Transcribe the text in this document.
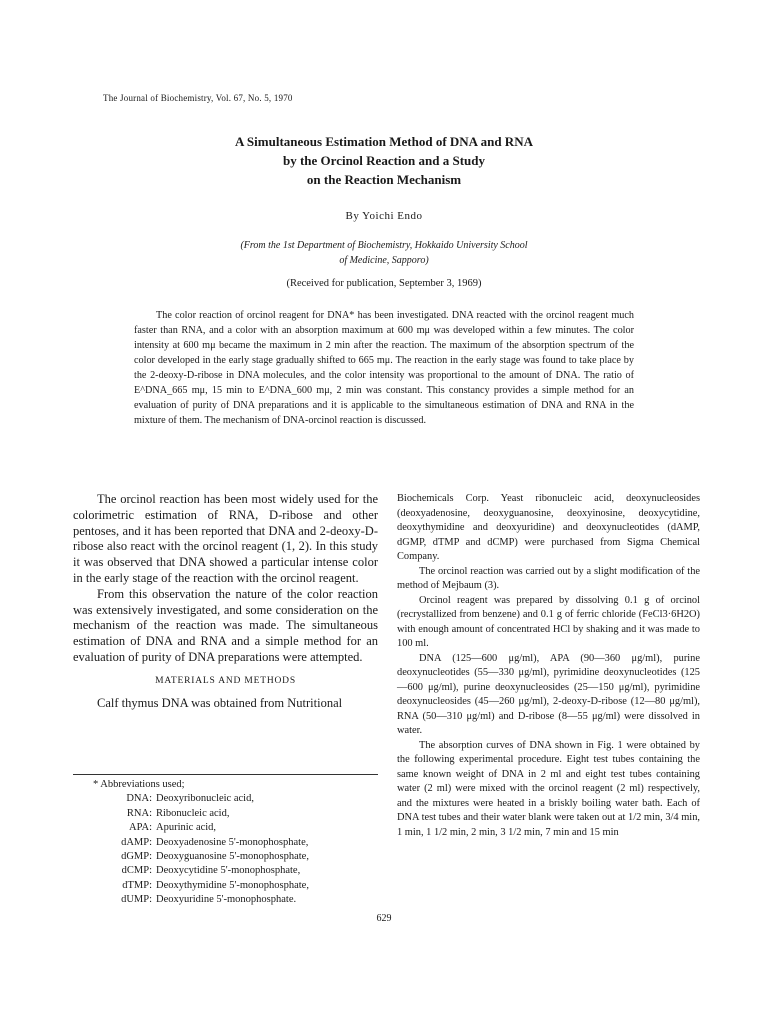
The Journal of Biochemistry, Vol. 67, No. 5, 1970
A Simultaneous Estimation Method of DNA and RNA
by the Orcinol Reaction and a Study
on the Reaction Mechanism
By Yoichi Endo
(From the 1st Department of Biochemistry, Hokkaido University School
of Medicine, Sapporo)
(Received for publication, September 3, 1969)

The color reaction of orcinol reagent for DNA* has been investigated. DNA reacted with the orcinol reagent much faster than RNA, and a color with an absorption maximum at 600 mμ was developed within a few minutes. The color intensity at 600 mμ became the maximum in 2 min after the reaction. The maximum of the absorption spectrum of the color developed in the early stage gradually shifted to 665 mμ. The reaction in the early stage was found to take place by the 2-deoxy-D-ribose in DNA molecules, and the color intensity was proportional to the amount of DNA. The ratio of E^DNA_665 mμ, 15 min to E^DNA_600 mμ, 2 min was constant. This constancy provides a simple method for an evaluation of purity of DNA preparations and it is applicable to the simultaneous estimation of DNA and RNA in the mixture of them. The mechanism of DNA-orcinol reaction is discussed.

The orcinol reaction has been most widely used for the colorimetric estimation of RNA, D-ribose and other pentoses, and it has been reported that DNA and 2-deoxy-D-ribose also react with the orcinol reagent (1, 2). In this study it was observed that DNA showed a particular intense color in the early stage of the reaction with the orcinol reagent.

From this observation the nature of the color reaction was extensively investigated, and some consideration on the mechanism of the reaction was made. The simultaneous estimation of DNA and RNA and a simple method for an evaluation of purity of DNA preparations were attempted.

MATERIALS AND METHODS

Calf thymus DNA was obtained from Nutritional

* Abbreviations used;
DNA: Deoxyribonucleic acid,
RNA: Ribonucleic acid,
APA: Apurinic acid,
dAMP: Deoxyadenosine 5'-monophosphate,
dGMP: Deoxyguanosine 5'-monophosphate,
dCMP: Deoxycytidine 5'-monophosphate,
dTMP: Deoxythymidine 5'-monophosphate,
dUMP: Deoxyuridine 5'-monophosphate.

Biochemicals Corp. Yeast ribonucleic acid, deoxynucleosides (deoxyadenosine, deoxyguanosine, deoxyinosine, deoxycytidine, deoxythymidine and deoxyuridine) and deoxynucleotides (dAMP, dGMP, dTMP and dCMP) were purchased from Sigma Chemical Company.

The orcinol reaction was carried out by a slight modification of the method of Mejbaum (3).

Orcinol reagent was prepared by dissolving 0.1 g of orcinol (recrystallized from benzene) and 0.1 g of ferric chloride (FeCl3·6H2O) with enough amount of concentrated HCl by shaking and it was made to 100 ml.

DNA (125—600 μg/ml), APA (90—360 μg/ml), purine deoxynucleotides (55—330 μg/ml), pyrimidine deoxynucleotides (125—600 μg/ml), purine deoxynucleosides (25—150 μg/ml), pyrimidine deoxynucleosides (45—260 μg/ml), 2-deoxy-D-ribose (12—80 μg/ml), RNA (50—310 μg/ml) and D-ribose (8—55 μg/ml) were dissolved in water.

The absorption curves of DNA shown in Fig. 1 were obtained by the following experimental procedure. Eight test tubes containing the same known weight of DNA in 2 ml and eight test tubes containing water (2 ml) were mixed with the orcinol reagent (2 ml) respectively, and the mixtures were heated in a briskly boiling water bath. Each of DNA test tubes and their water blank were taken out at 1/2 min, 3/4 min, 1 min, 1 1/2 min, 2 min, 3 1/2 min, 7 min and 15 min

629
